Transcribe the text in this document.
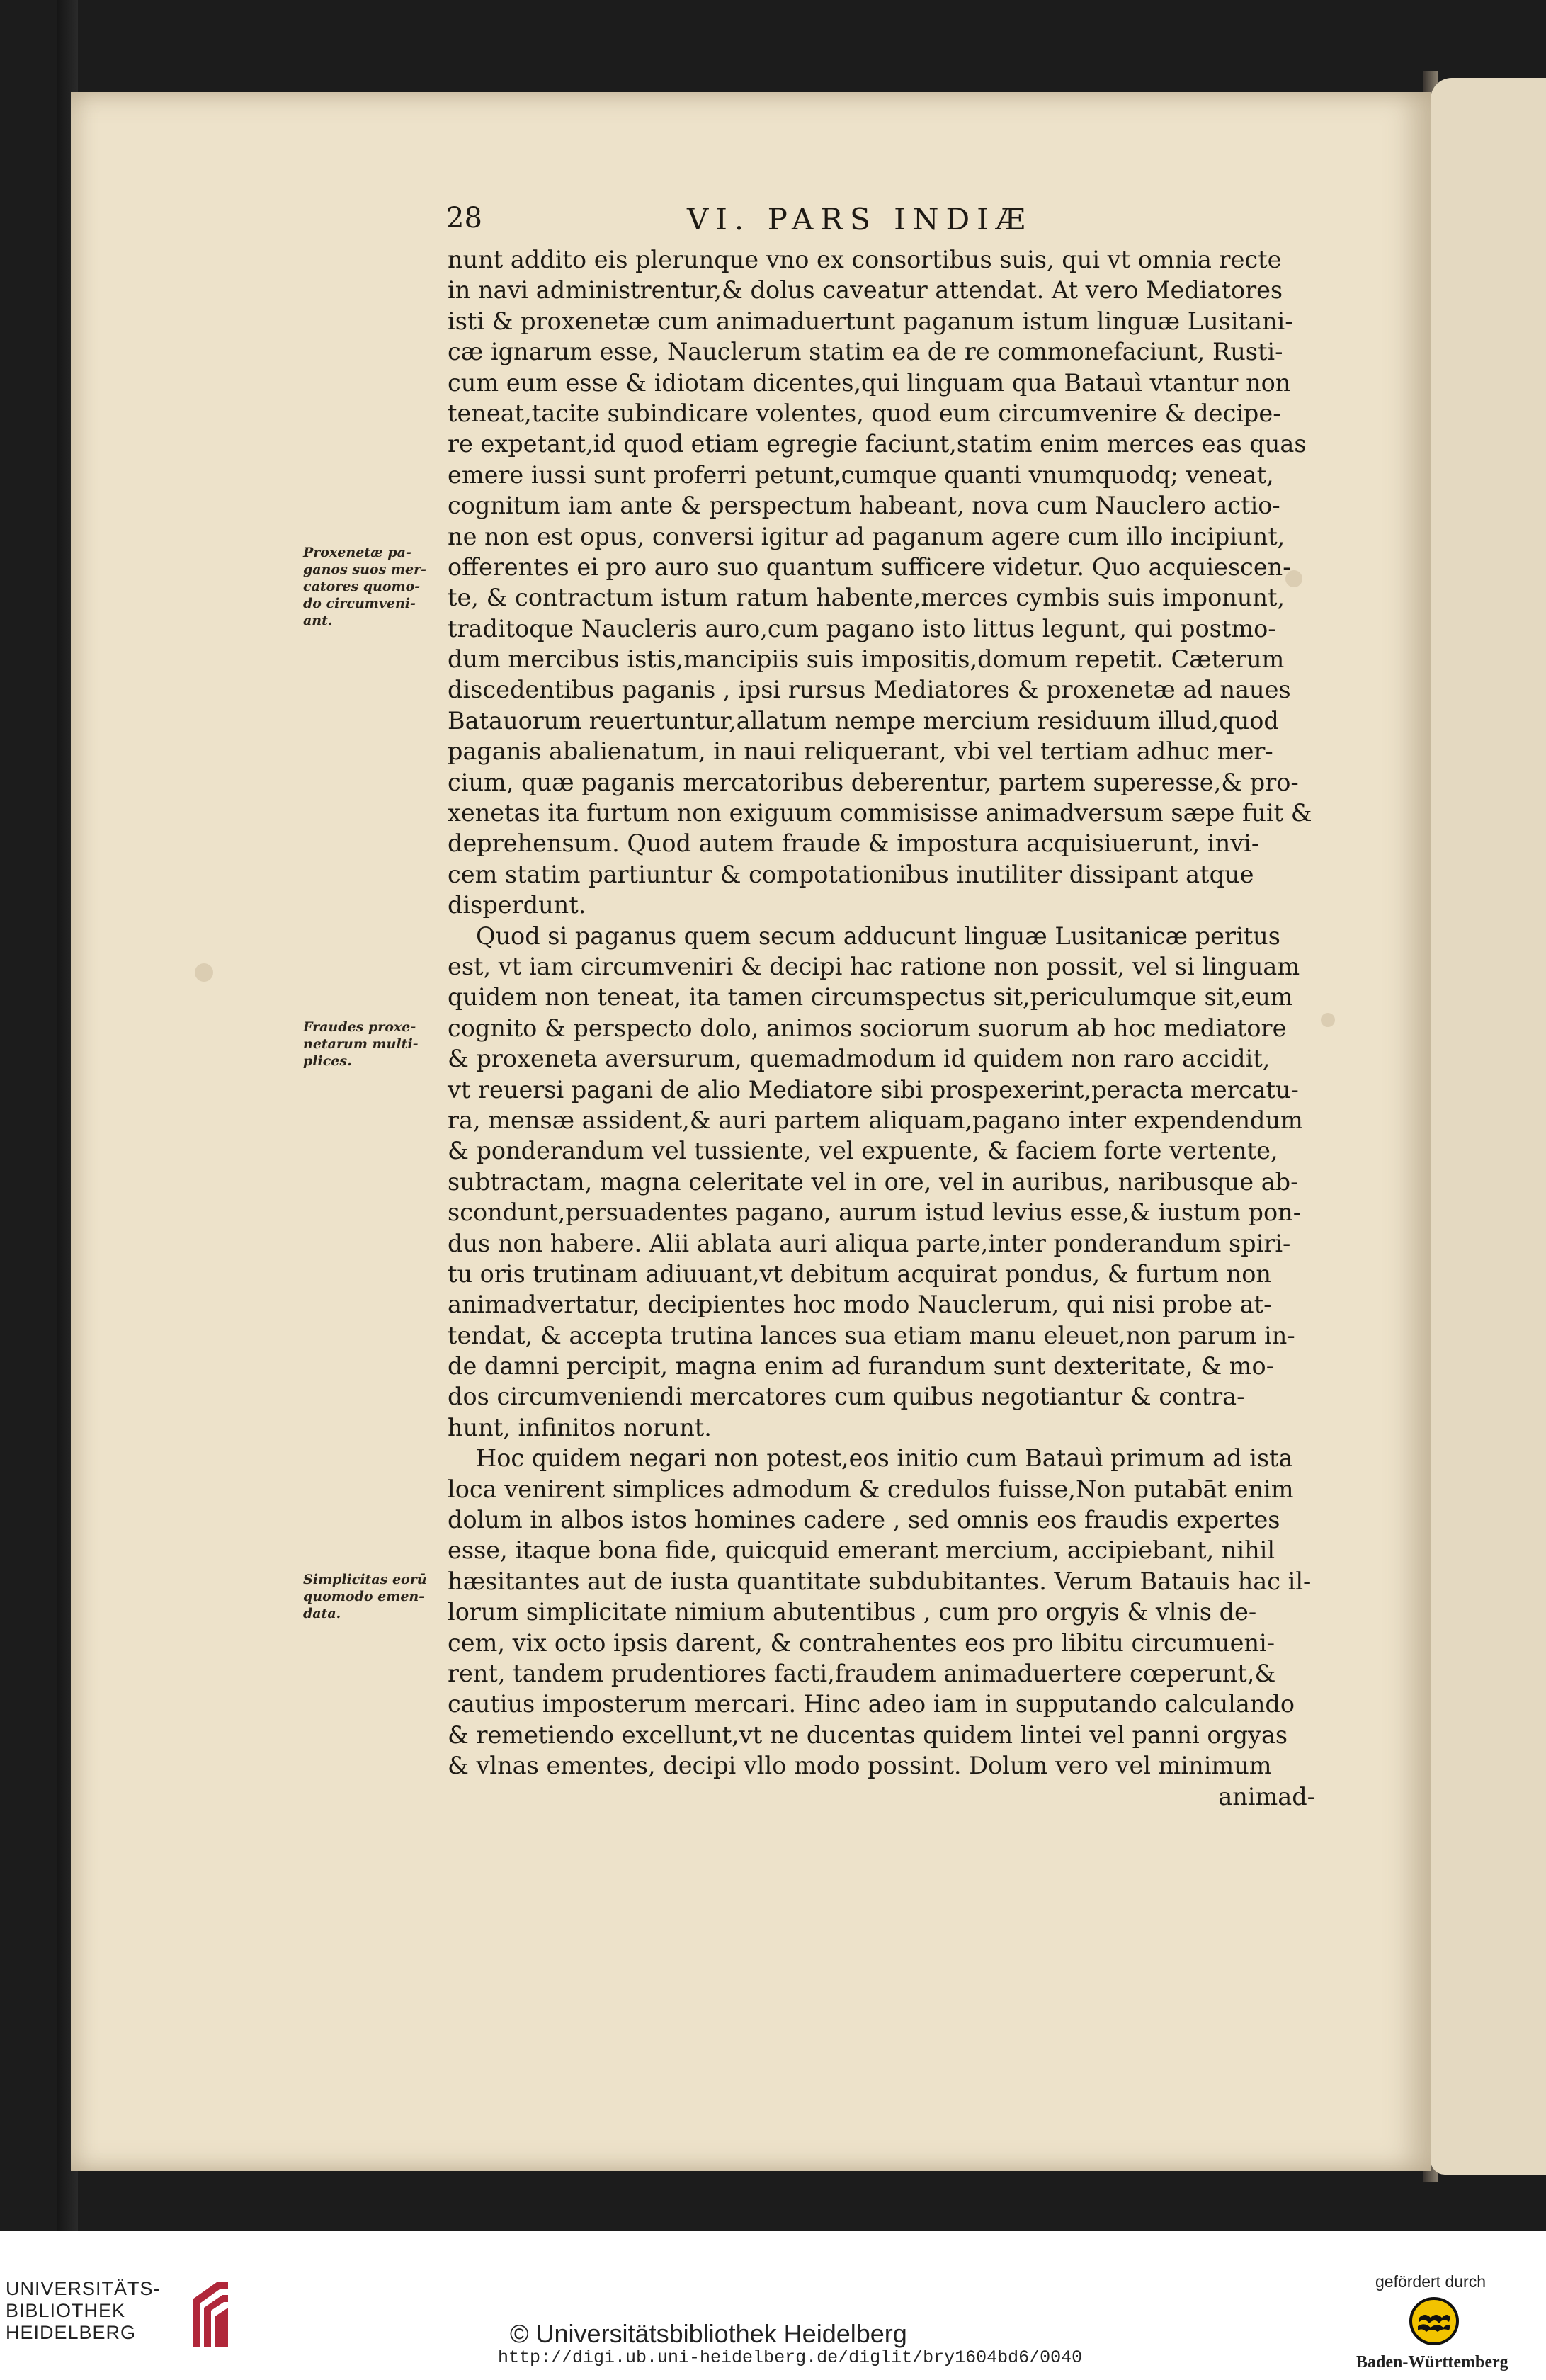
28	VI. PARS INDIÆ
nunt addito eis plerunque vno ex consortibus suis, qui vt omnia recte
in navi administrentur,& dolus caveatur attendat. At vero Mediatores
isti & proxenetæ cum animaduertunt paganum istum linguæ Lusitani-
cæ ignarum esse, Nauclerum statim ea de re commonefaciunt, Rusti-
cum eum esse & idiotam dicentes,qui linguam qua Batauì vtantur non
teneat,tacite subindicare volentes, quod eum circumvenire & decipe-
re expetant,id quod etiam egregie faciunt,statim enim merces eas quas
emere iussi sunt proferri petunt,cumque quanti vnumquodq; veneat,
cognitum iam ante & perspectum habeant, nova cum Nauclero actio-
ne non est opus, conversi igitur ad paganum agere cum illo incipiunt,
offerentes ei pro auro suo quantum sufficere videtur. Quo acquiescen-
te, & contractum istum ratum habente,merces cymbis suis imponunt,
traditoque Naucleris auro,cum pagano isto littus legunt, qui postmo-
dum mercibus istis,mancipiis suis impositis,domum repetit. Cæterum
discedentibus paganis , ipsi rursus Mediatores & proxenetæ ad naues
Batauorum reuertuntur,allatum nempe mercium residuum illud,quod
paganis abalienatum, in naui reliquerant, vbi vel tertiam adhuc mer-
cium, quæ paganis mercatoribus deberentur, partem superesse,& pro-
xenetas ita furtum non exiguum commisisse animadversum sæpe fuit &
deprehensum. Quod autem fraude & impostura acquisiuerunt, invi-
cem statim partiuntur & compotationibus inutiliter dissipant atque
disperdunt.
Quod si paganus quem secum adducunt linguæ Lusitanicæ peritus
est, vt iam circumveniri & decipi hac ratione non possit, vel si linguam
quidem non teneat, ita tamen circumspectus sit,periculumque sit,eum
cognito & perspecto dolo, animos sociorum suorum ab hoc mediatore
& proxeneta aversurum, quemadmodum id quidem non raro accidit,
vt reuersi pagani de alio Mediatore sibi prospexerint,peracta mercatu-
ra, mensæ assident,& auri partem aliquam,pagano inter expendendum
& ponderandum vel tussiente, vel expuente, & faciem forte vertente,
subtractam, magna celeritate vel in ore, vel in auribus, naribusque ab-
scondunt,persuadentes pagano, aurum istud levius esse,& iustum pon-
dus non habere. Alii ablata auri aliqua parte,inter ponderandum spiri-
tu oris trutinam adiuuant,vt debitum acquirat pondus, & furtum non
animadvertatur, decipientes hoc modo Nauclerum, qui nisi probe at-
tendat, & accepta trutina lances sua etiam manu eleuet,non parum in-
de damni percipit, magna enim ad furandum sunt dexteritate, & mo-
dos circumveniendi mercatores cum quibus negotiantur & contra-
hunt, infinitos norunt.
Hoc quidem negari non potest,eos initio cum Batauì primum ad ista
loca venirent simplices admodum & credulos fuisse,Non putabāt enim
dolum in albos istos homines cadere , sed omnis eos fraudis expertes
esse, itaque bona fide, quicquid emerant mercium, accipiebant, nihil
hæsitantes aut de iusta quantitate subdubitantes. Verum Batauis hac il-
lorum simplicitate nimium abutentibus , cum pro orgyis & vlnis de-
cem, vix octo ipsis darent, & contrahentes eos pro libitu circumueni-
rent, tandem prudentiores facti,fraudem animaduertere cœperunt,&
cautius imposterum mercari. Hinc adeo iam in supputando calculando
& remetiendo excellunt,vt ne ducentas quidem lintei vel panni orgyas
& vlnas ementes, decipi vllo modo possint. Dolum vero vel minimum
animad-
Proxenetæ pa-
ganos suos mer-
catores quomo-
do circumveni-
ant.
Fraudes proxe-
netarum multi-
plices.
Simplicitas eorū
quomodo emen-
data.
UNIVERSITÄTS-
BIBLIOTHEK
HEIDELBERG	© Universitätsbibliothek Heidelberg
http://digi.ub.uni-heidelberg.de/diglit/bry1604bd6/0040
gefördert durch
Baden-Württemberg
